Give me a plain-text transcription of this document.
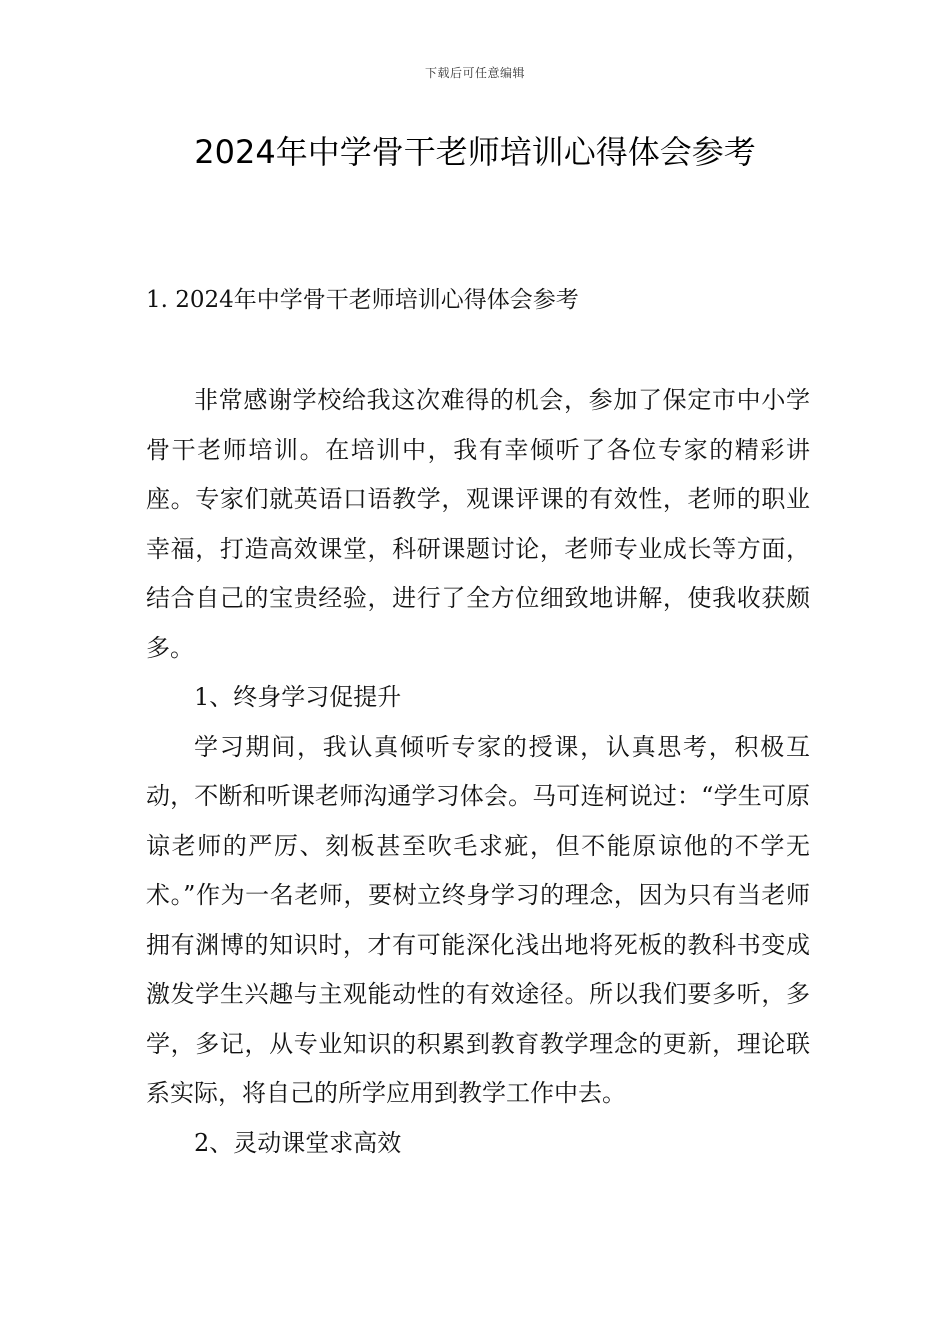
下载后可任意编辑
2024年中学骨干老师培训心得体会参考
1. 2024年中学骨干老师培训心得体会参考

非常感谢学校给我这次难得的机会，参加了保定市中小学骨干老师培训。在培训中，我有幸倾听了各位专家的精彩讲座。专家们就英语口语教学，观课评课的有效性，老师的职业幸福，打造高效课堂，科研课题讨论，老师专业成长等方面，结合自己的宝贵经验，进行了全方位细致地讲解，使我收获颇多。

1、终身学习促提升

学习期间，我认真倾听专家的授课，认真思考，积极互动，不断和听课老师沟通学习体会。马可连柯说过：“学生可原谅老师的严厉、刻板甚至吹毛求疵，但不能原谅他的不学无术。”作为一名老师，要树立终身学习的理念，因为只有当老师拥有渊博的知识时，才有可能深化浅出地将死板的教科书变成激发学生兴趣与主观能动性的有效途径。所以我们要多听，多学，多记，从专业知识的积累到教育教学理念的更新，理论联系实际，将自己的所学应用到教学工作中去。

2、灵动课堂求高效
